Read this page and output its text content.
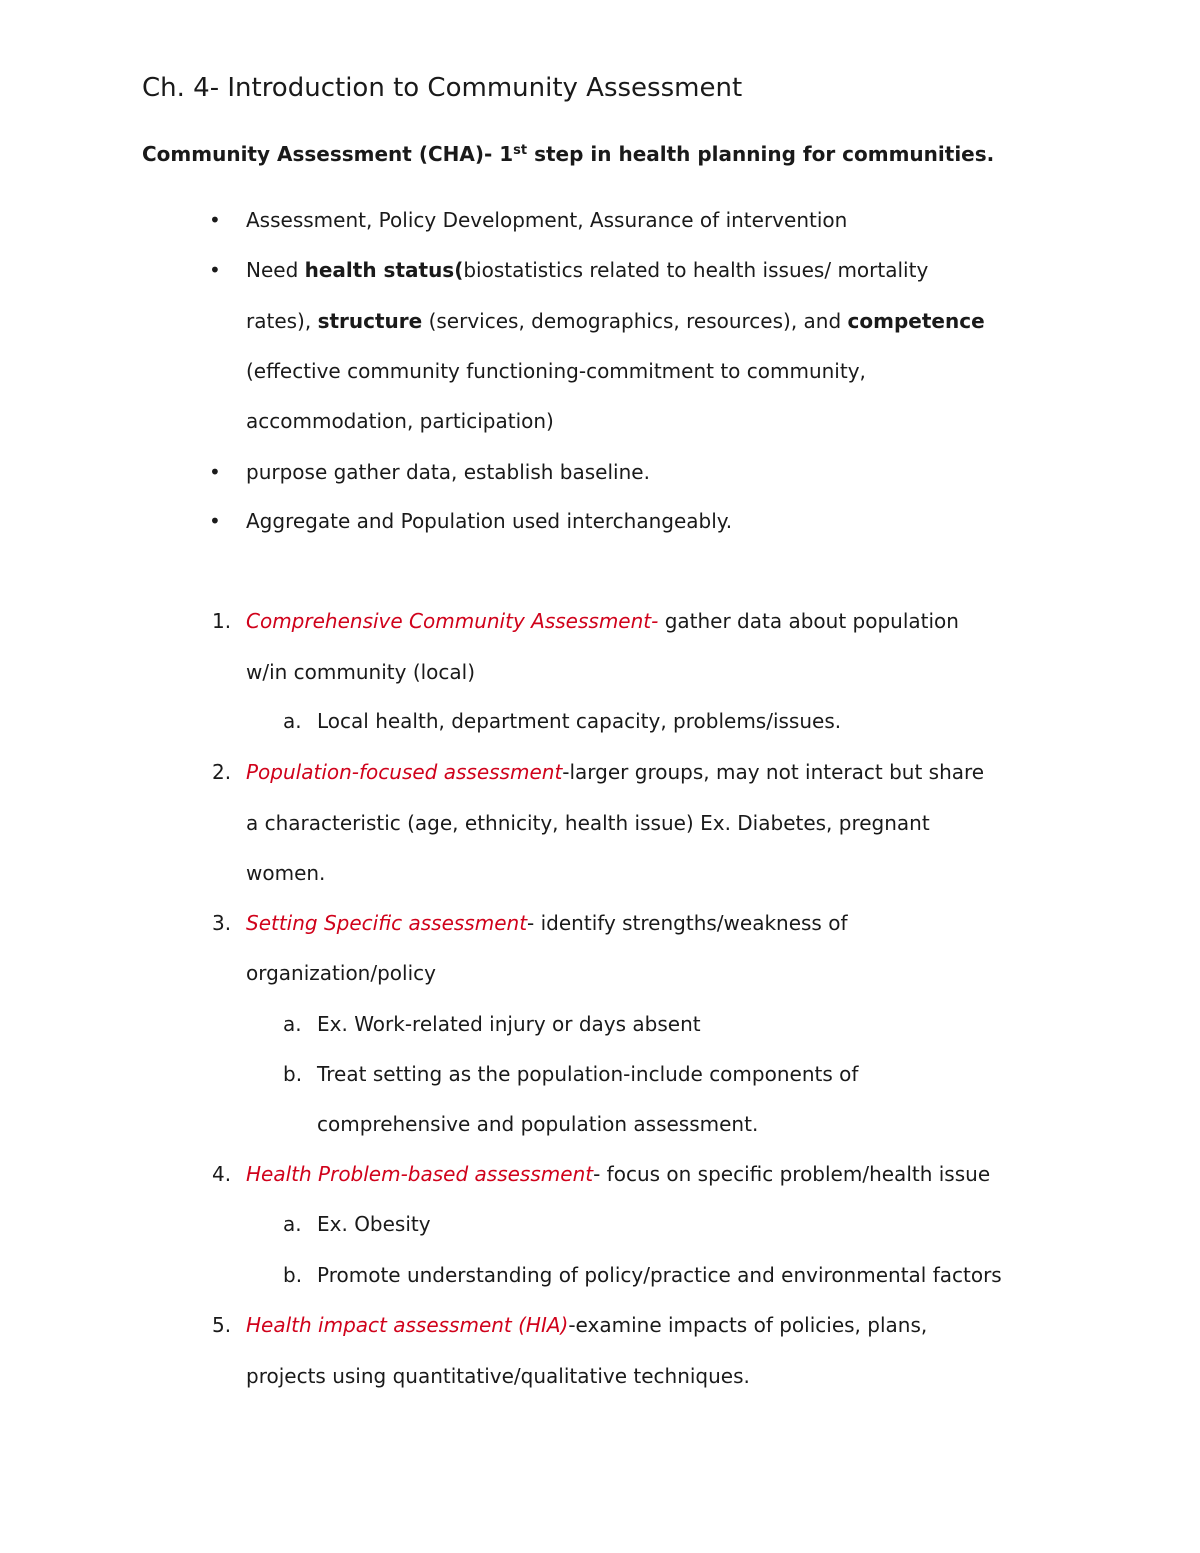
Ch. 4- Introduction to Community Assessment
Community Assessment (CHA)- 1st step in health planning for communities.
• Assessment, Policy Development, Assurance of intervention
• Need health status(biostatistics related to health issues/ mortality
rates), structure (services, demographics, resources), and competence
(effective community functioning-commitment to community,
accommodation, participation)
• purpose gather data, establish baseline.
• Aggregate and Population used interchangeably.
1. Comprehensive Community Assessment- gather data about population
w/in community (local)
a. Local health, department capacity, problems/issues.
2. Population-focused assessment-larger groups, may not interact but share
a characteristic (age, ethnicity, health issue) Ex. Diabetes, pregnant
women.
3. Setting Specific assessment- identify strengths/weakness of
organization/policy
a. Ex. Work-related injury or days absent
b. Treat setting as the population-include components of
comprehensive and population assessment.
4. Health Problem-based assessment- focus on specific problem/health issue
a. Ex. Obesity
b. Promote understanding of policy/practice and environmental factors
5. Health impact assessment (HIA)-examine impacts of policies, plans,
projects using quantitative/qualitative techniques.
